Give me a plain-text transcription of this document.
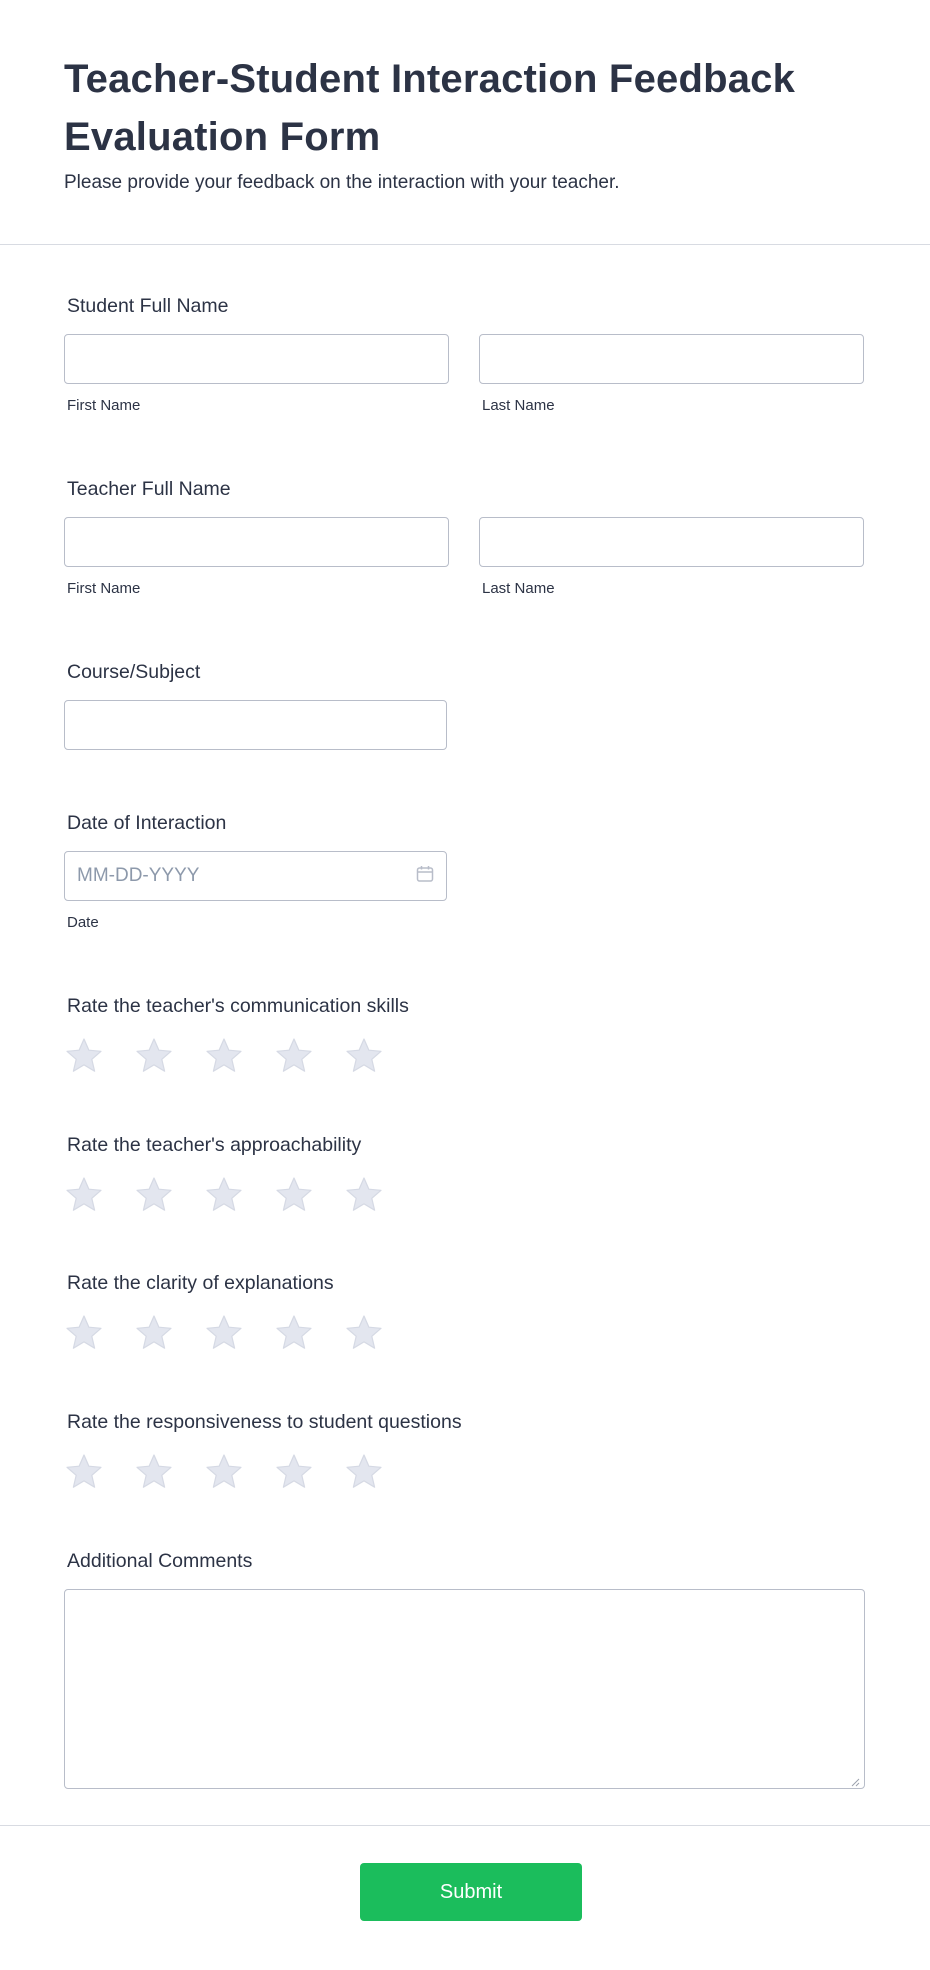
Teacher-Student Interaction Feedback Evaluation Form

Please provide your feedback on the interaction with your teacher.

Student Full Name
First Name	Last Name
Teacher Full Name
First Name	Last Name
Course/Subject
Date of Interaction
MM-DD-YYYY
Date
Rate the teacher's communication skills
Rate the teacher's approachability
Rate the clarity of explanations
Rate the responsiveness to student questions
Additional Comments
Submit
